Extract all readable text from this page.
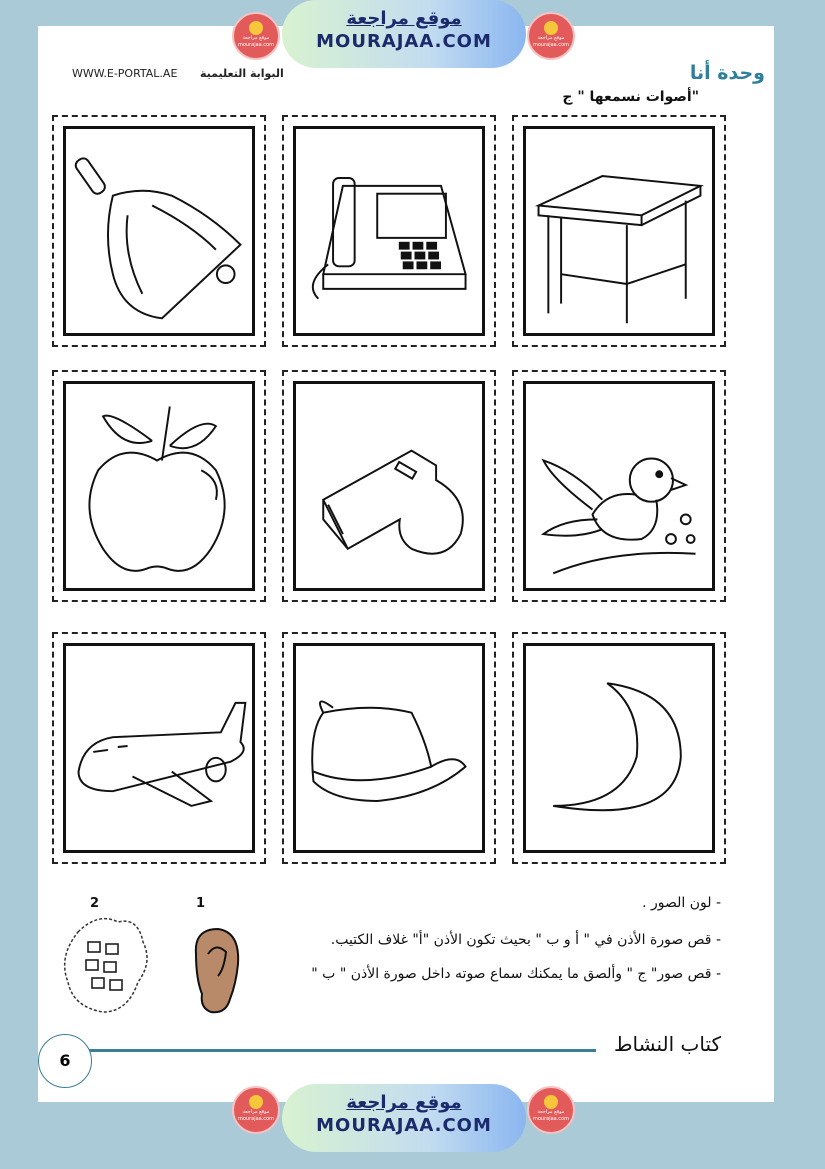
موقع مراجعة
mourajaa.com
موقع مراجعة
MOURAJAA.COM	موقع مراجعة
mourajaa.com
WWW.E-PORTAL.AE البوابة التعليمية	وحدة أنا
أصوات نسمعها " ج"
- لون الصور .
- قص صورة الأذن في " أ و ب " بحيث تكون الأذن "أ" غلاف الكتيب.
- قص صور" ج " وألصق ما يمكنك سماع صوته داخل صورة الأذن " ب "
1
2
كتاب النشاط
6
موقع مراجعة
mourajaa.com
موقع مراجعة
MOURAJAA.COM
موقع مراجعة
mourajaa.com
